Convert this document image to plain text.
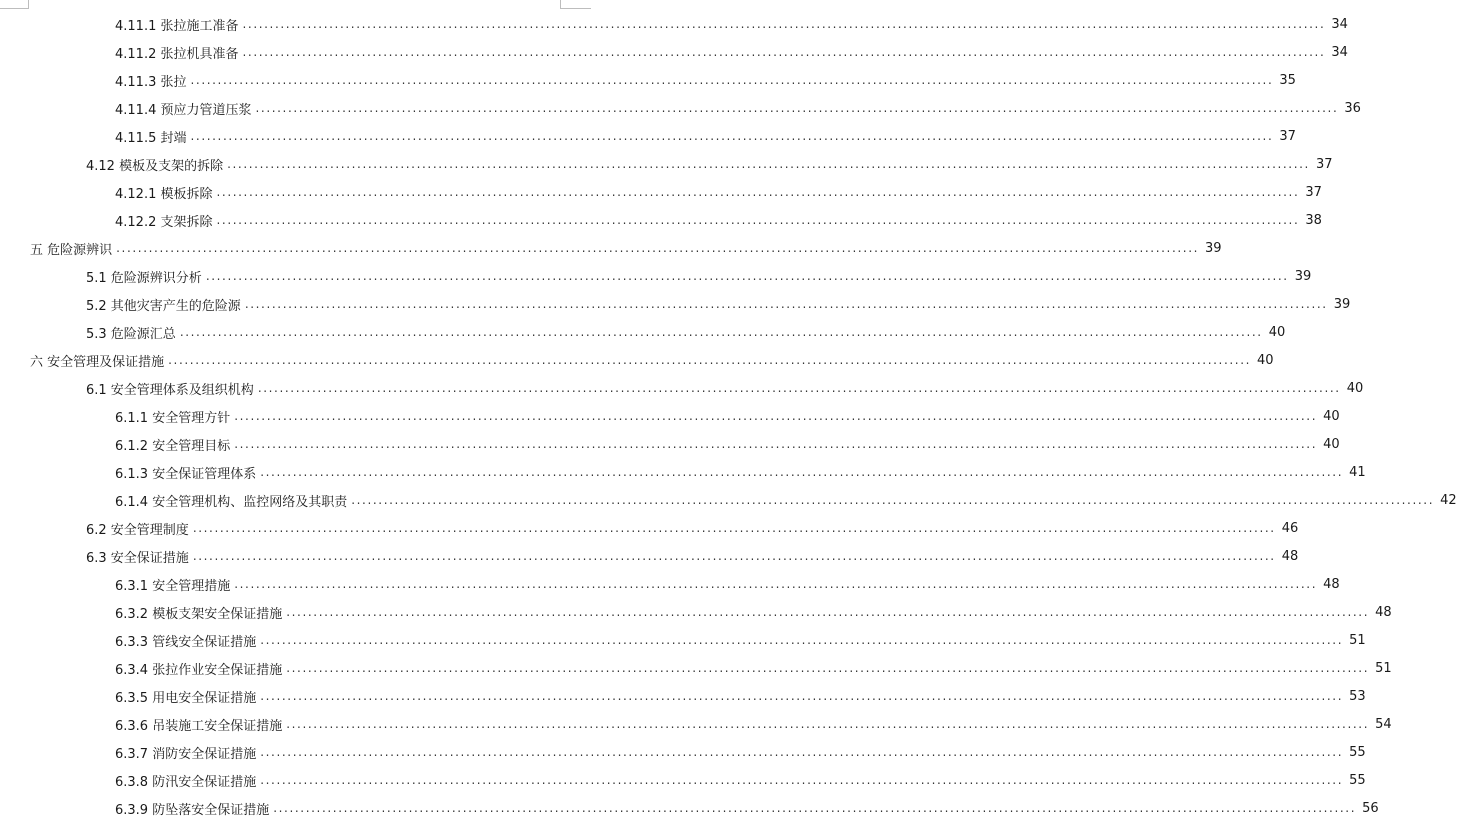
4.11.1 张拉施工准备 ........................................................................................................................................................................................................ 34
4.11.2 张拉机具准备 ........................................................................................................................................................................................................ 34
4.11.3 张拉 ........................................................................................................................................................................................................ 35
4.11.4 预应力管道压浆 ........................................................................................................................................................................................................ 36
4.11.5 封端 ........................................................................................................................................................................................................ 37
4.12 模板及支架的拆除 ........................................................................................................................................................................................................ 37
4.12.1 模板拆除 ........................................................................................................................................................................................................ 37
4.12.2 支架拆除 ........................................................................................................................................................................................................ 38
五 危险源辨识 ........................................................................................................................................................................................................ 39
5.1 危险源辨识分析 ........................................................................................................................................................................................................ 39
5.2 其他灾害产生的危险源 ........................................................................................................................................................................................................ 39
5.3 危险源汇总 ........................................................................................................................................................................................................ 40
六 安全管理及保证措施 ........................................................................................................................................................................................................ 40
6.1 安全管理体系及组织机构 ........................................................................................................................................................................................................ 40
6.1.1 安全管理方针 ........................................................................................................................................................................................................ 40
6.1.2 安全管理目标 ........................................................................................................................................................................................................ 40
6.1.3 安全保证管理体系 ........................................................................................................................................................................................................ 41
6.1.4 安全管理机构、监控网络及其职责 ........................................................................................................................................................................................................ 42
6.2 安全管理制度 ........................................................................................................................................................................................................ 46
6.3 安全保证措施 ........................................................................................................................................................................................................ 48
6.3.1 安全管理措施 ........................................................................................................................................................................................................ 48
6.3.2 模板支架安全保证措施 ........................................................................................................................................................................................................ 48
6.3.3 管线安全保证措施 ........................................................................................................................................................................................................ 51
6.3.4 张拉作业安全保证措施 ........................................................................................................................................................................................................ 51
6.3.5 用电安全保证措施 ........................................................................................................................................................................................................ 53
6.3.6 吊装施工安全保证措施 ........................................................................................................................................................................................................ 54
6.3.7 消防安全保证措施 ........................................................................................................................................................................................................ 55
6.3.8 防汛安全保证措施 ........................................................................................................................................................................................................ 55
6.3.9 防坠落安全保证措施 ........................................................................................................................................................................................................ 56
